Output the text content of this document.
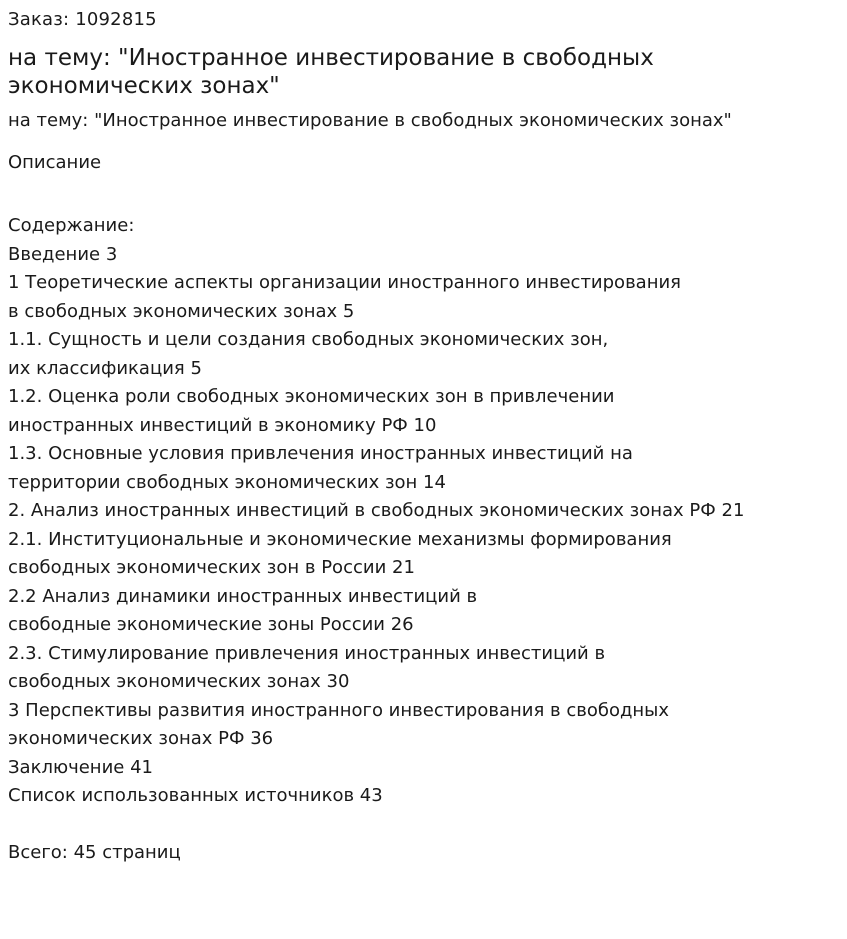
Заказ: 1092815
на тему: "Иностранное инвестирование в свободных экономических зонах"
на тему: "Иностранное инвестирование в свободных экономических зонах"
Описание
Содержание:
Введение 3
1 Теоретические аспекты организации иностранного инвестирования
в свободных экономических зонах 5
1.1. Сущность и цели создания свободных экономических зон,
их классификация 5
1.2. Оценка роли свободных экономических зон в привлечении
иностранных инвестиций в экономику РФ 10
1.3. Основные условия привлечения иностранных инвестиций на
территории свободных экономических зон 14
2. Анализ иностранных инвестиций в свободных экономических зонах РФ 21
2.1. Институциональные и экономические механизмы формирования
свободных экономических зон в России 21
2.2 Анализ динамики иностранных инвестиций в
свободные экономические зоны России 26
2.3. Стимулирование привлечения иностранных инвестиций в
свободных экономических зонах 30
3 Перспективы развития иностранного инвестирования в свободных
экономических зонах РФ 36
Заключение 41
Список использованных источников 43
Всего: 45 страниц
